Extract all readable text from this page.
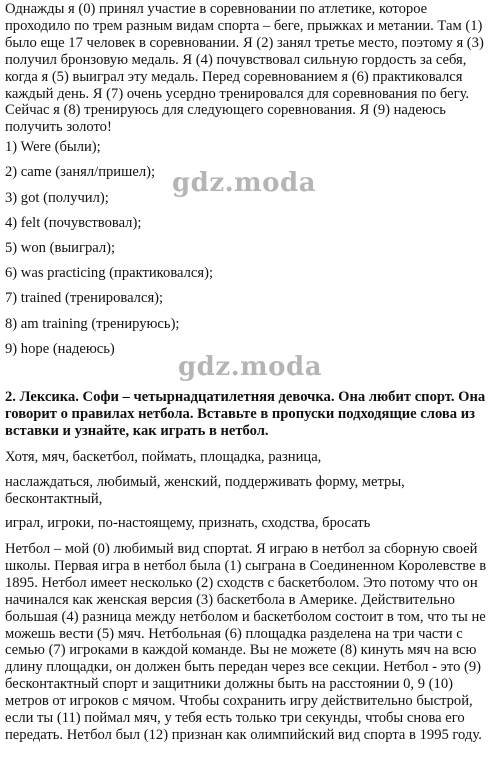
Однажды я (0) принял участие в соревновании по атлетике, которое проходило по трем разным видам спорта – беге, прыжках и метании. Там (1) было еще 17 человек в соревновании. Я (2) занял третье место, поэтому я (3) получил бронзовую медаль. Я (4) почувствовал сильную гордость за себя, когда я (5) выиграл эту медаль. Перед соревнованием я (6) практиковался каждый день. Я (7) очень усердно тренировался для соревнования по бегу. Сейчас я (8) тренируюсь для следующего соревнования. Я (9) надеюсь получить золото!

1) Were (были);

2) came (занял/пришел);

3) got (получил);

4) felt (почувствовал);

5) won (выиграл);

6) was practicing (практиковался);

7) trained (тренировался);

8) am training (тренируюсь);

9) hope (надеюсь)

gdz.moda
gdz.moda

2. Лексика. Софи – четырнадцатилетняя девочка. Она любит спорт. Она говорит о правилах нетбола. Вставьте в пропуски подходящие слова из вставки и узнайте, как играть в нетбол.

Хотя, мяч, баскетбол, поймать, площадка, разница,

наслаждаться, любимый, женский, поддерживать форму, метры, бесконтактный,

играл, игроки, по-настоящему, признать, сходства, бросать

Нетбол – мой (0) любимый вид спортat. Я играю в нетбол за сборную своей школы. Первая игра в нетбол была (1) сыграна в Соединенном Королевстве в 1895. Нетбол имеет несколько (2) сходств с баскетболом. Это потому что он начинался как женская версия (3) баскетбола в Америке. Действительно большая (4) разница между нетболом и баскетболом состоит в том, что ты не можешь вести (5) мяч. Нетбольная (6) площадка разделена на три части с семью (7) игроками в каждой команде. Вы не можете (8) кинуть мяч на всю длину площадки, он должен быть передан через все секции. Нетбол - это (9) бесконтактный спорт и защитники должны быть на расстоянии 0, 9 (10) метров от игроков с мячом. Чтобы сохранить игру действительно быстрой, если ты (11) поймал мяч, у тебя есть только три секунды, чтобы снова его передать. Нетбол был (12) признан как олимпийский вид спорта в 1995 году.
